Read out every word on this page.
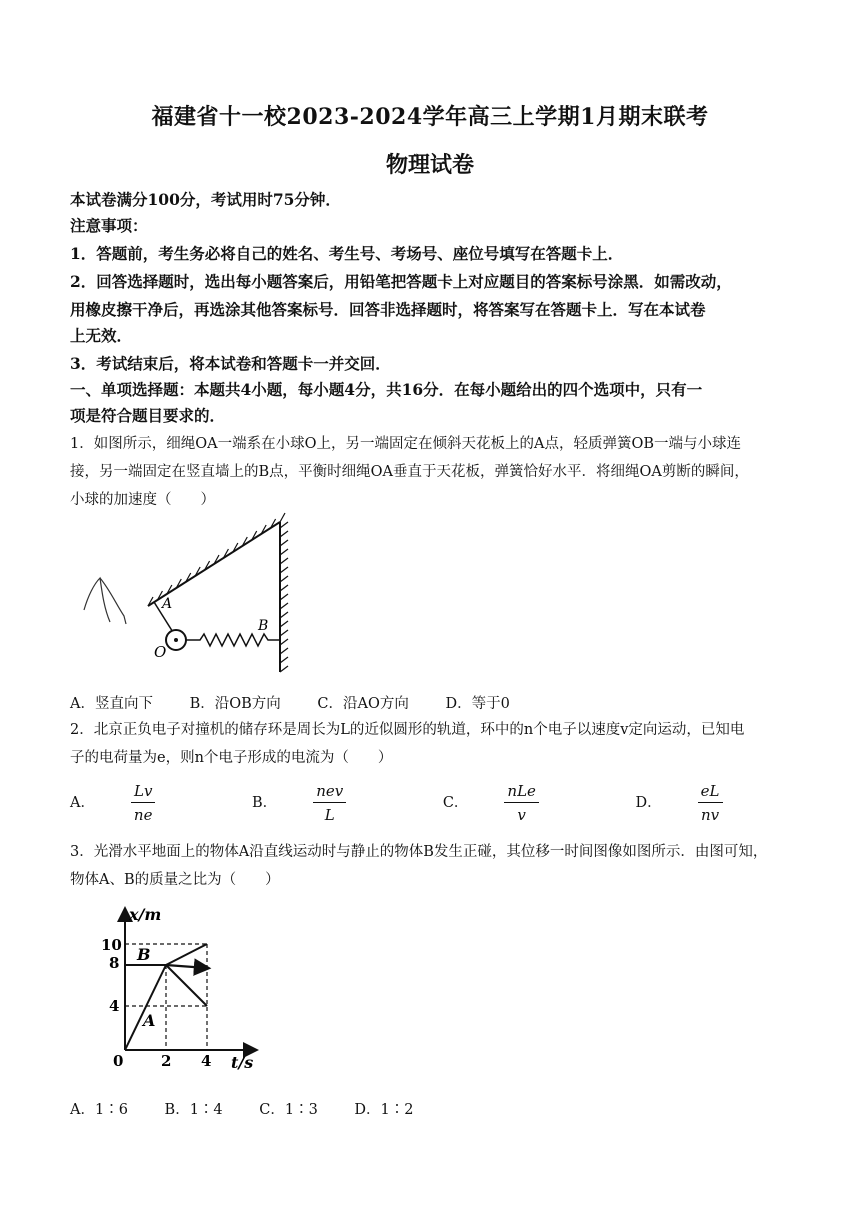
福建省十一校2023-2024学年高三上学期1月期末联考
物理试卷
本试卷满分100分，考试用时75分钟．
注意事项：
1．答题前，考生务必将自己的姓名、考生号、考场号、座位号填写在答题卡上．
2．回答选择题时，选出每小题答案后，用铅笔把答题卡上对应题目的答案标号涂黑．如需改动，
用橡皮擦干净后，再选涂其他答案标号．回答非选择题时，将答案写在答题卡上．写在本试卷
上无效．
3．考试结束后，将本试卷和答题卡一并交回．
一、单项选择题：本题共4小题，每小题4分，共16分．在每小题给出的四个选项中，只有一
项是符合题目要求的．
1．如图所示，细绳OA一端系在小球O上，另一端固定在倾斜天花板上的A点，轻质弹簧OB一端与小球连
接，另一端固定在竖直墙上的B点，平衡时细绳OA垂直于天花板，弹簧恰好水平．将细绳OA剪断的瞬间，
小球的加速度（　　）
A
B
O
A．竖直向下	B．沿OB方向	C．沿AO方向	D．等于0
2．北京正负电子对撞机的储存环是周长为L的近似圆形的轨道，环中的n个电子以速度v定向运动，已知电
子的电荷量为e，则n个电子形成的电流为（　　）
A． $\frac{Lv}{ne}$	B． $\frac{\text{nev}}{L}$	C． $\frac{\text{nLe}}{v}$	D． $\frac{eL}{nv}$
3．光滑水平地面上的物体A沿直线运动时与静止的物体B发生正碰，其位移一时间图像如图所示．由图可知，
物体A、B的质量之比为（　　）
x/m
t/s
10
8
4
0	2 4
B
A
A．1∶6	B．1∶4	C．1∶3	D．1∶2
